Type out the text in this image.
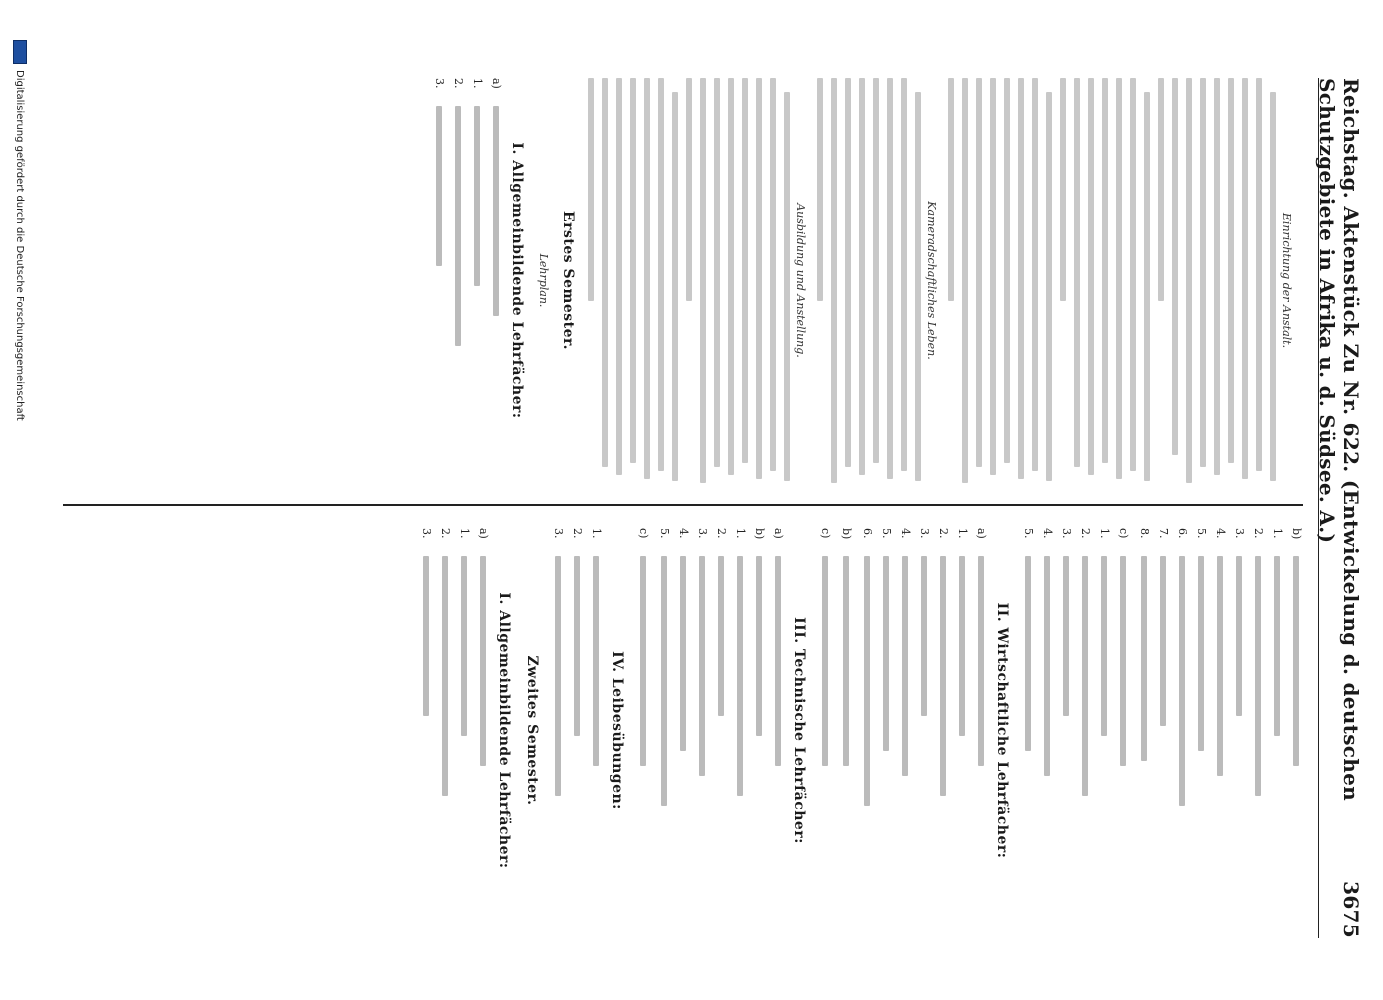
Reichstag. Aktenstück Zu Nr. 622. (Entwickelung d. deutschen Schutzgebiete in Afrika u. d. Südsee. A.)
3675
Einrichtung der Anstalt.
Kameradschaftliches Leben.
Ausbildung und Anstellung.
Erstes Semester.
Lehrplan.
I. Allgemeinbildende Lehrfächer:
a)
1.
2.
3.
b)
1.
2.
3.
4.
5.
6.
7.
8.
c)
1.
2.
3.
4.
5.
II. Wirtschaftliche Lehrfächer:
a)
1.
2.
3.
4.
5.
6.
b)
c)
III. Technische Lehrfächer:
a)
b)
1.
2.
3.
4.
5.
c)
IV. Leibesübungen:
1.
2.
3.
Zweites Semester.
I. Allgemeinbildende Lehrfächer:
a)
1.
2.
3.
Digitalisierung gefördert durch die Deutsche Forschungsgemeinschaft
